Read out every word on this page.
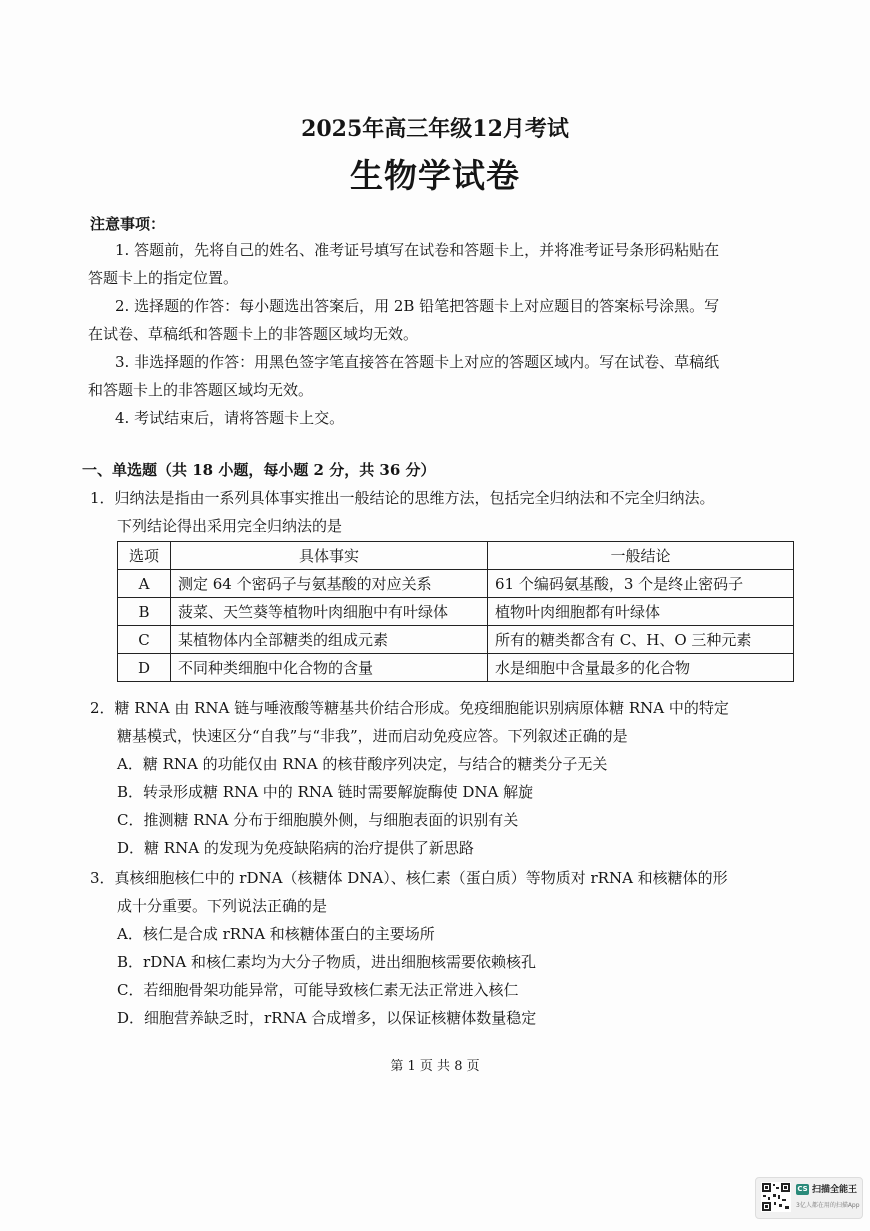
2025年高三年级12月考试
生物学试卷
注意事项：
1. 答题前，先将自己的姓名、准考证号填写在试卷和答题卡上，并将准考证号条形码粘贴在
答题卡上的指定位置。
2. 选择题的作答：每小题选出答案后，用 2B 铅笔把答题卡上对应题目的答案标号涂黑。写
在试卷、草稿纸和答题卡上的非答题区域均无效。
3. 非选择题的作答：用黑色签字笔直接答在答题卡上对应的答题区域内。写在试卷、草稿纸
和答题卡上的非答题区域均无效。
4. 考试结束后，请将答题卡上交。
一、单选题（共 18 小题，每小题 2 分，共 36 分）
1．归纳法是指由一系列具体事实推出一般结论的思维方法，包括完全归纳法和不完全归纳法。
下列结论得出采用完全归纳法的是
选项	具体事实	一般结论
A	测定 64 个密码子与氨基酸的对应关系	61 个编码氨基酸，3 个是终止密码子
B	菠菜、天竺葵等植物叶肉细胞中有叶绿体	植物叶肉细胞都有叶绿体
C	某植物体内全部糖类的组成元素	所有的糖类都含有 C、H、O 三种元素
D	不同种类细胞中化合物的含量	水是细胞中含量最多的化合物
2．糖 RNA 由 RNA 链与唾液酸等糖基共价结合形成。免疫细胞能识别病原体糖 RNA 中的特定
糖基模式，快速区分“自我”与“非我”，进而启动免疫应答。下列叙述正确的是
A．糖 RNA 的功能仅由 RNA 的核苷酸序列决定，与结合的糖类分子无关
B．转录形成糖 RNA 中的 RNA 链时需要解旋酶使 DNA 解旋
C．推测糖 RNA 分布于细胞膜外侧，与细胞表面的识别有关
D．糖 RNA 的发现为免疫缺陷病的治疗提供了新思路
3．真核细胞核仁中的 rDNA（核糖体 DNA）、核仁素（蛋白质）等物质对 rRNA 和核糖体的形
成十分重要。下列说法正确的是
A．核仁是合成 rRNA 和核糖体蛋白的主要场所
B．rDNA 和核仁素均为大分子物质，进出细胞核需要依赖核孔
C．若细胞骨架功能异常，可能导致核仁素无法正常进入核仁
D．细胞营养缺乏时，rRNA 合成增多，以保证核糖体数量稳定
第 1 页 共 8 页
CS 扫描全能王
3亿人都在用的扫描App
